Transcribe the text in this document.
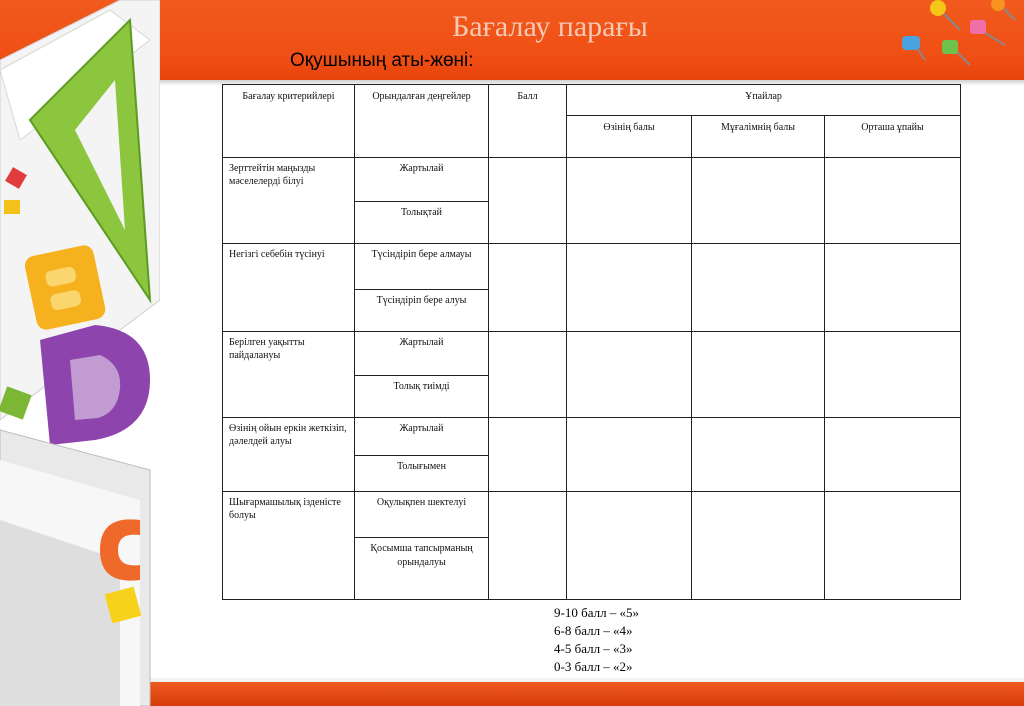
Бағалау парағы
Оқушының аты-жөні:
Бағалау критерийлері	Орындалған деңгейлер	Балл	Ұпайлар		
			Өзінің балы	Мұғалімнің балы	Орташа ұпайы
Зерттейтін маңызды мәселелерді білуі	Жартылай				
	Толықтай				
Негізгі себебін түсінуі	Түсіндіріп бере алмауы				
	Түсіндіріп бере алуы				
Берілген уақытты пайдалануы	Жартылай				
	Толық тиімді				
Өзінің ойын еркін жеткізіп, дәлелдей алуы	Жартылай				
	Толығымен				
Шығармашылық ізденісте болуы	Оқулықпен шектелуі				
	Қосымша тапсырманың орындалуы				
9-10 балл – «5»
6-8 балл – «4»
4-5 балл – «3»
0-3 балл – «2»
